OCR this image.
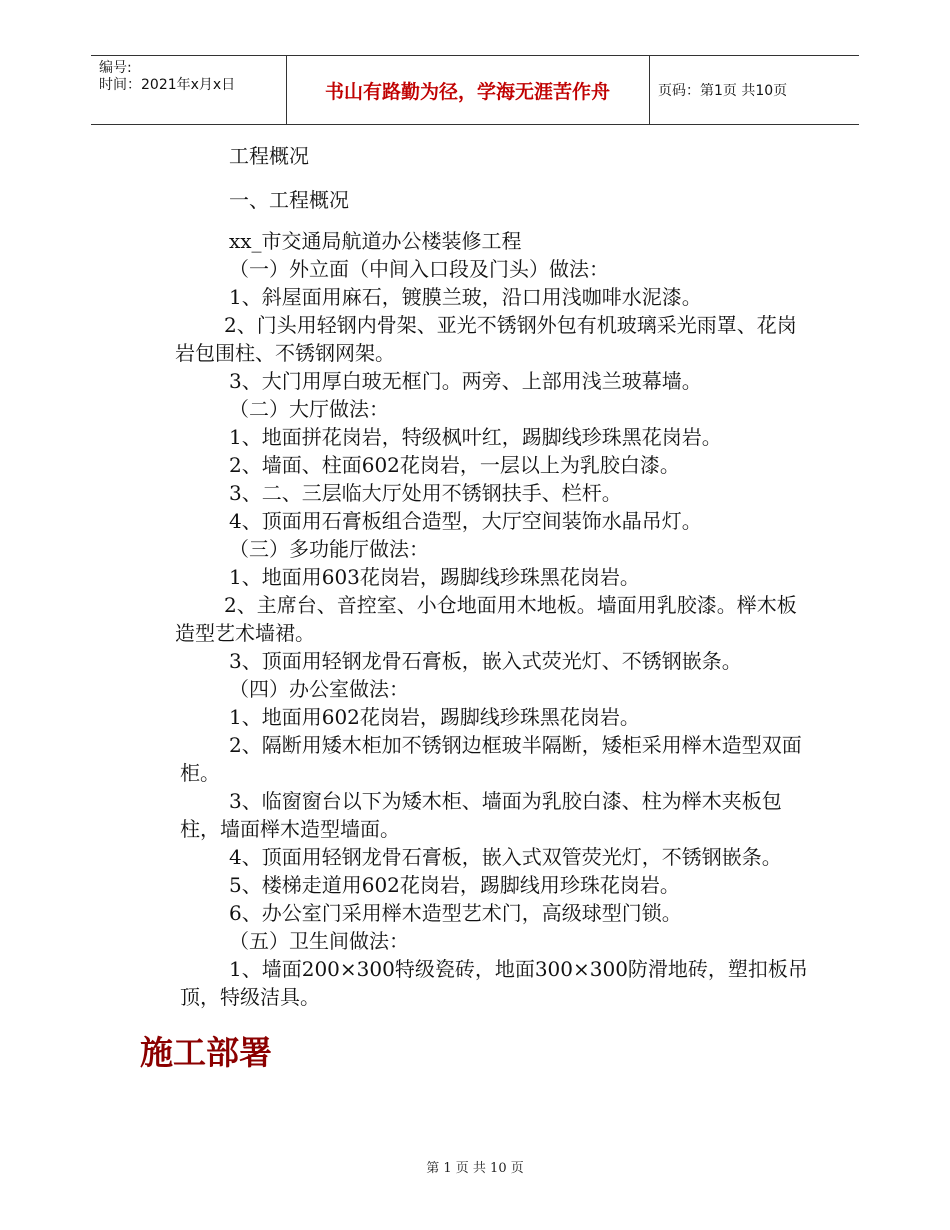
编号:
时间：2021年x月x日	书山有路勤为径，学海无涯苦作舟	页码：第1页 共10页

工程概况

一、工程概况

xx_市交通局航道办公楼装修工程

（一）外立面（中间入口段及门头）做法：

1、斜屋面用麻石，镀膜兰玻，沿口用浅咖啡水泥漆。

2、门头用轻钢内骨架、亚光不锈钢外包有机玻璃采光雨罩、花岗岩包围柱、不锈钢网架。

3、大门用厚白玻无框门。两旁、上部用浅兰玻幕墙。

（二）大厅做法：

1、地面拼花岗岩，特级枫叶红，踢脚线珍珠黑花岗岩。

2、墙面、柱面602花岗岩，一层以上为乳胶白漆。

3、二、三层临大厅处用不锈钢扶手、栏杆。

4、顶面用石膏板组合造型，大厅空间装饰水晶吊灯。

（三）多功能厅做法：

1、地面用603花岗岩，踢脚线珍珠黑花岗岩。

2、主席台、音控室、小仓地面用木地板。墙面用乳胶漆。榉木板造型艺术墙裙。

3、顶面用轻钢龙骨石膏板，嵌入式荧光灯、不锈钢嵌条。

（四）办公室做法：

1、地面用602花岗岩，踢脚线珍珠黑花岗岩。

2、隔断用矮木柜加不锈钢边框玻半隔断，矮柜采用榉木造型双面柜。

3、临窗窗台以下为矮木柜、墙面为乳胶白漆、柱为榉木夹板包柱，墙面榉木造型墙面。

4、顶面用轻钢龙骨石膏板，嵌入式双管荧光灯，不锈钢嵌条。

5、楼梯走道用602花岗岩，踢脚线用珍珠花岗岩。

6、办公室门采用榉木造型艺术门，高级球型门锁。

（五）卫生间做法：

1、墙面200×300特级瓷砖，地面300×300防滑地砖，塑扣板吊顶，特级洁具。

施工部署
第 1 页 共 10 页
